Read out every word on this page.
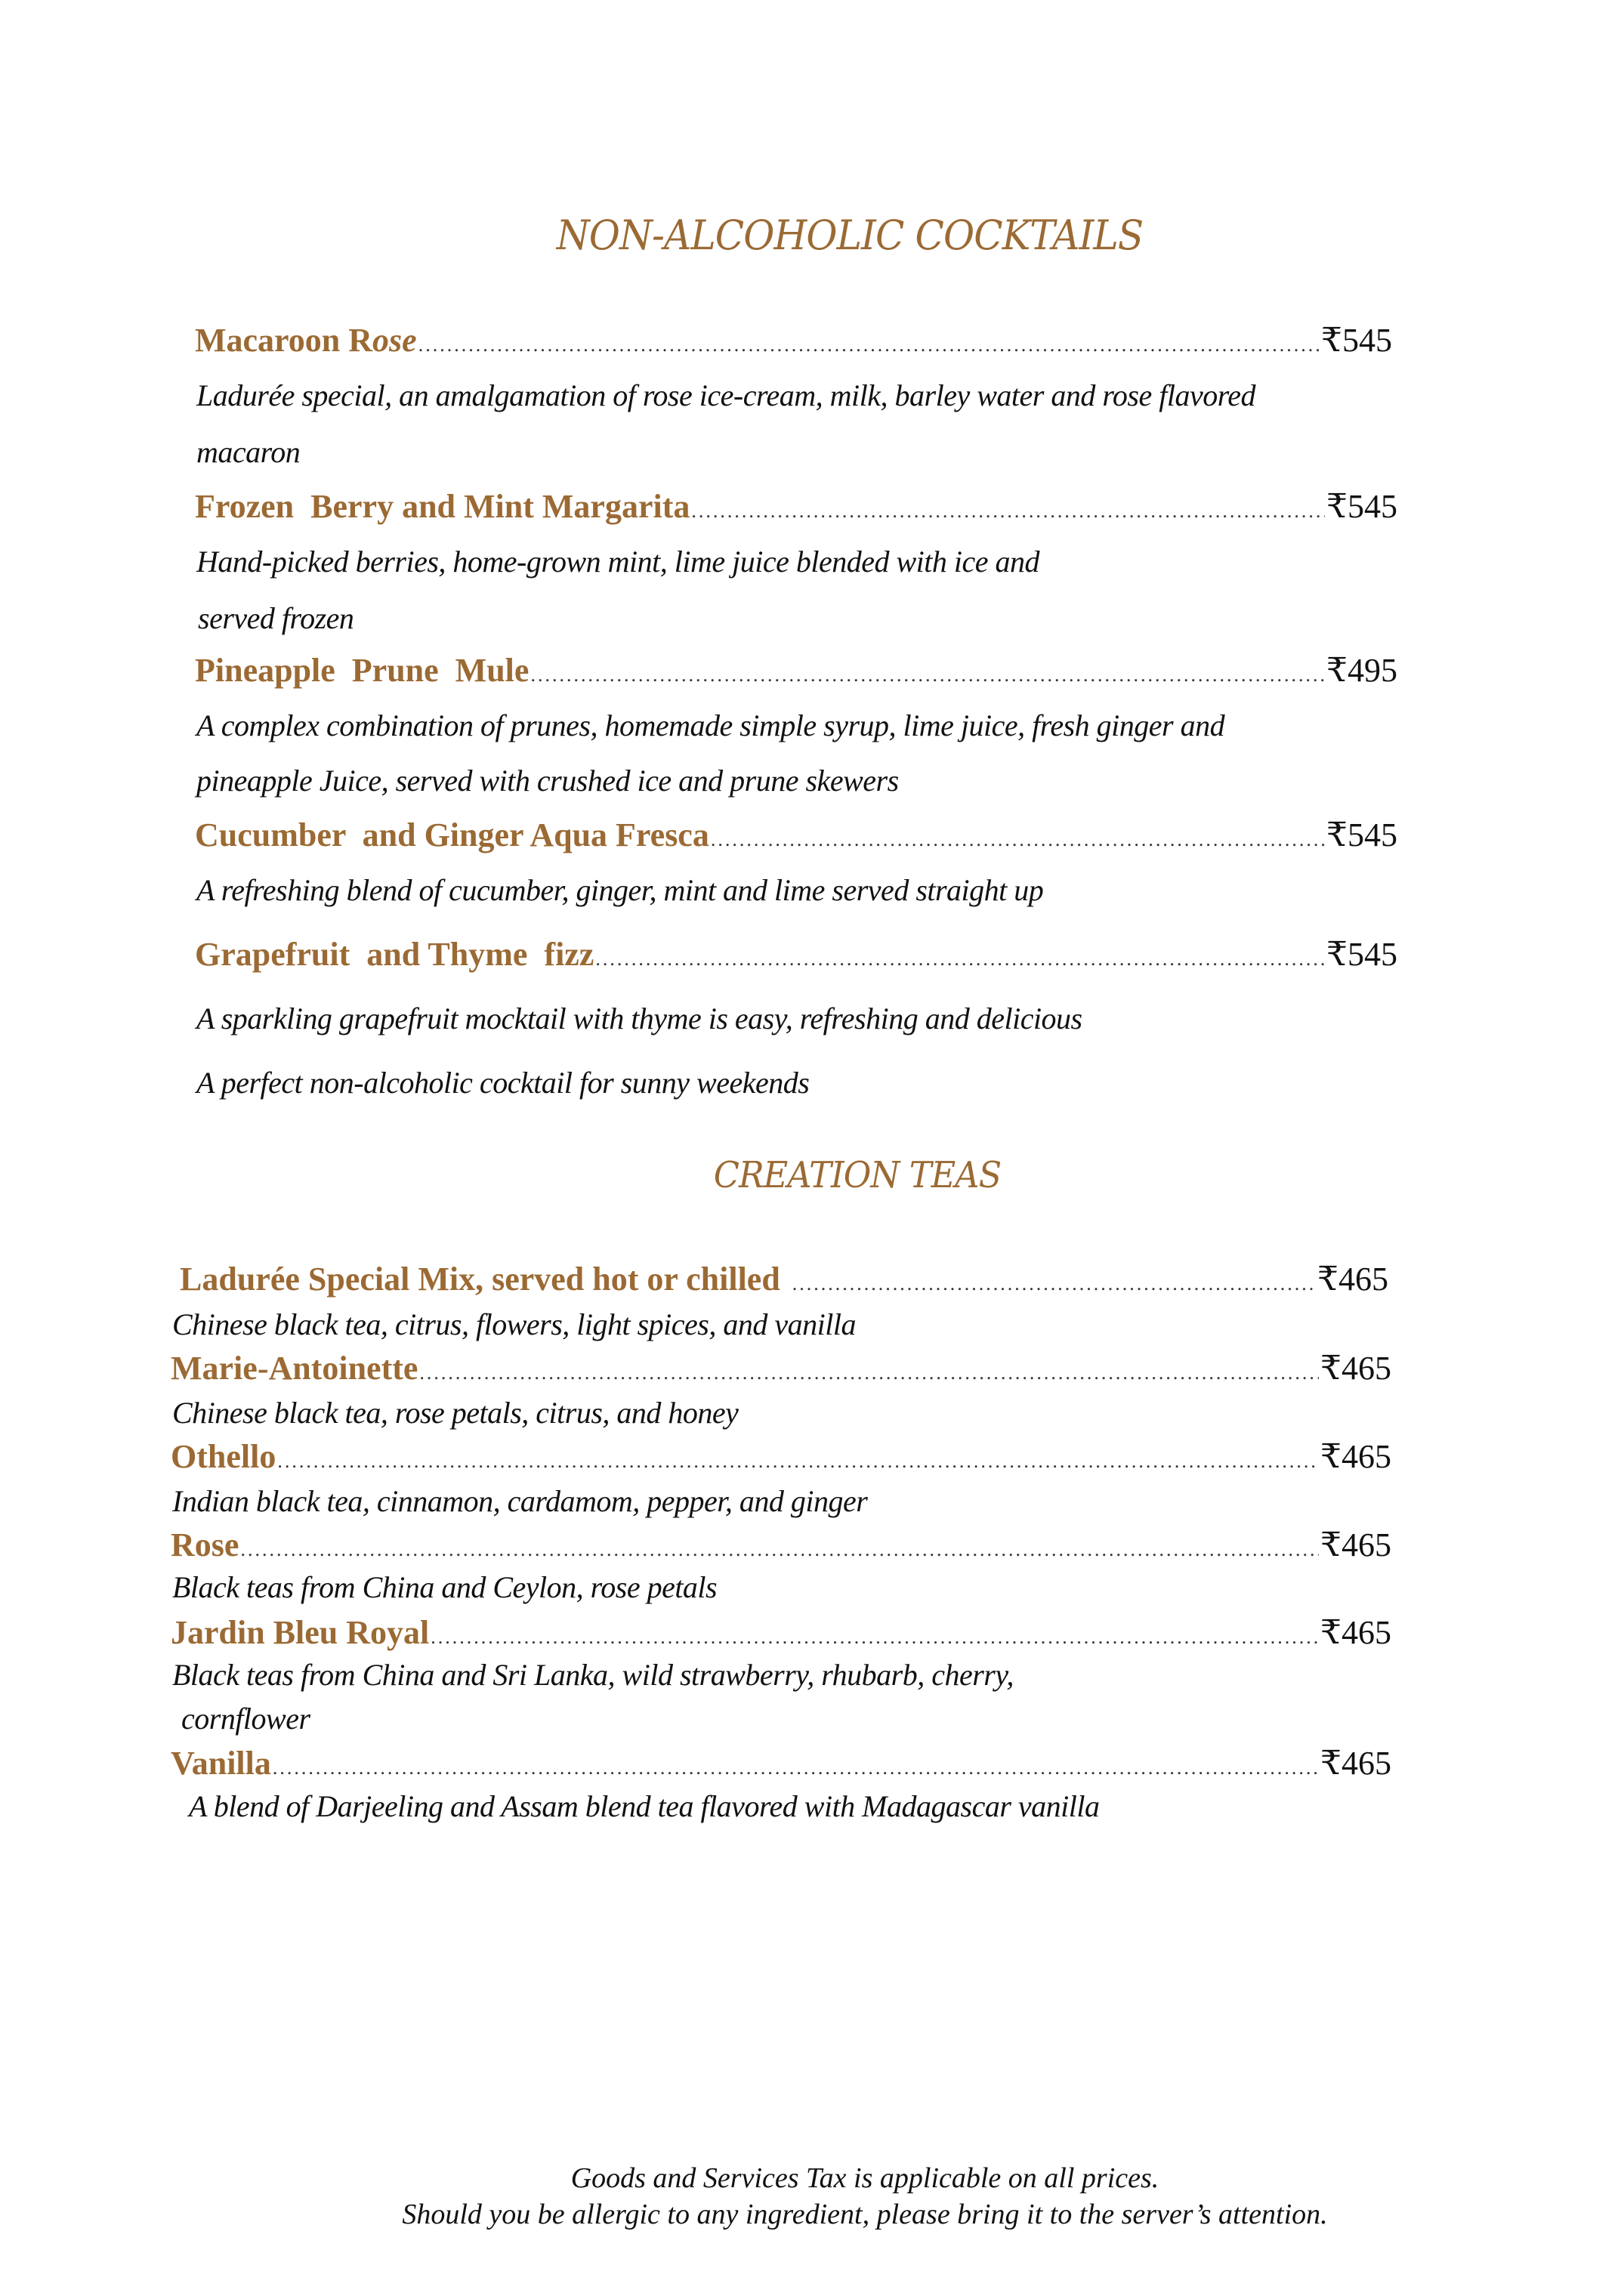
NON-ALCOHOLIC COCKTAILS
Macaroon Rose .....	₹545
Ladurée special, an amalgamation of rose ice-cream, milk, barley water and rose flavored
macaron
Frozen  Berry and Mint Margarita .....	₹545
Hand-picked berries, home-grown mint, lime juice blended with ice and
served frozen
Pineapple  Prune  Mule .....	₹495
A complex combination of prunes, homemade simple syrup, lime juice, fresh ginger and
pineapple Juice, served with crushed ice and prune skewers
Cucumber  and Ginger Aqua Fresca .....	₹545
A refreshing blend of cucumber, ginger, mint and lime served straight up
Grapefruit  and Thyme  fizz .....	₹545
A sparkling grapefruit mocktail with thyme is easy, refreshing and delicious
A perfect non-alcoholic cocktail for sunny weekends
CREATION TEAS
Ladurée Special Mix, served hot or chilled .....	₹465
Chinese black tea, citrus, flowers, light spices, and vanilla
Marie-Antoinette .....	₹465
Chinese black tea, rose petals, citrus, and honey
Othello .....	₹465
Indian black tea, cinnamon, cardamom, pepper, and ginger
Rose .....	₹465
Black teas from China and Ceylon, rose petals
Jardin Bleu Royal .....	₹465
Black teas from China and Sri Lanka, wild strawberry, rhubarb, cherry,
cornflower
Vanilla .....	₹465
A blend of Darjeeling and Assam blend tea flavored with Madagascar vanilla
Goods and Services Tax is applicable on all prices.
Should you be allergic to any ingredient, please bring it to the server’s attention.
